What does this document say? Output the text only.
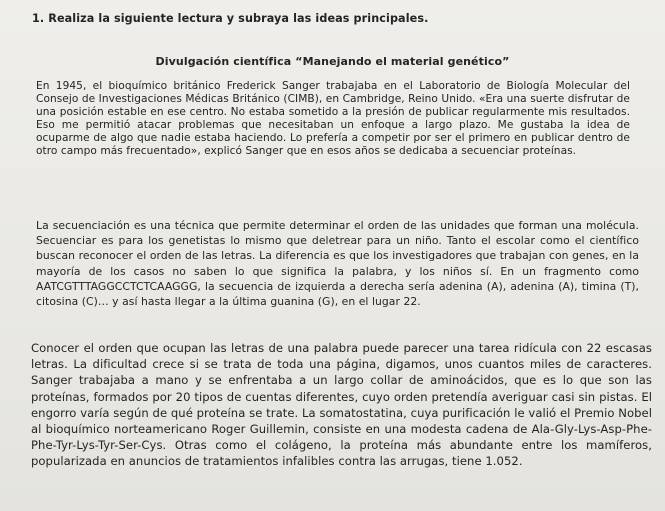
1. Realiza la siguiente lectura y subraya las ideas principales.

Divulgación científica “Manejando el material genético”

En 1945, el bioquímico británico Frederick Sanger trabajaba en el Laboratorio de Biología Molecular del Consejo de Investigaciones Médicas Británico (CIMB), en Cambridge, Reino Unido. «Era una suerte disfrutar de una posición estable en ese centro. No estaba sometido a la presión de publicar regularmente mis resultados. Eso me permitió atacar problemas que necesitaban un enfoque a largo plazo. Me gustaba la idea de ocuparme de algo que nadie estaba haciendo. Lo prefería a competir por ser el primero en publicar dentro de otro campo más frecuentado», explicó Sanger que en esos años se dedicaba a secuenciar proteínas.

La secuenciación es una técnica que permite determinar el orden de las unidades que forman una molécula. Secuenciar es para los genetistas lo mismo que deletrear para un niño. Tanto el escolar como el científico buscan reconocer el orden de las letras. La diferencia es que los investigadores que trabajan con genes, en la mayoría de los casos no saben lo que significa la palabra, y los niños sí. En un fragmento como AATCGTTTAGGCCTCTCAAGGG, la secuencia de izquierda a derecha sería adenina (A), adenina (A), timina (T), citosina (C)… y así hasta llegar a la última guanina (G), en el lugar 22.

Conocer el orden que ocupan las letras de una palabra puede parecer una tarea ridícula con 22 escasas letras. La dificultad crece si se trata de toda una página, digamos, unos cuantos miles de caracteres. Sanger trabajaba a mano y se enfrentaba a un largo collar de aminoácidos, que es lo que son las proteínas, formados por 20 tipos de cuentas diferentes, cuyo orden pretendía averiguar casi sin pistas. El engorro varía según de qué proteína se trate. La somatostatina, cuya purificación le valió el Premio Nobel al bioquímico norteamericano Roger Guillemin, consiste en una modesta cadena de Ala-Gly-Lys-Asp-Phe-Phe-Tyr-Lys-Tyr-Ser-Cys. Otras como el colágeno, la proteína más abundante entre los mamíferos, popularizada en anuncios de tratamientos infalibles contra las arrugas, tiene 1.052.
